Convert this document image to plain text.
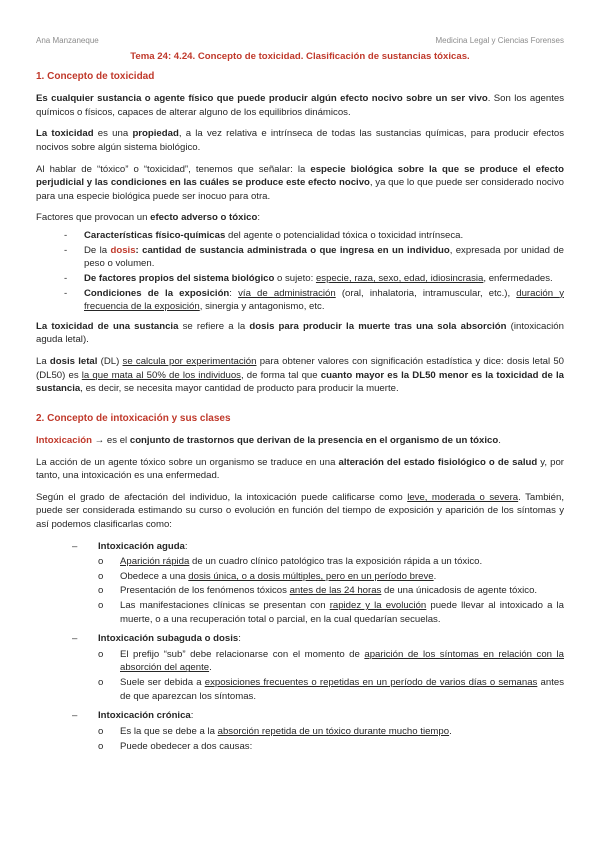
Ana Manzaneque	Medicina Legal y Ciencias Forenses
Tema 24: 4.24. Concepto de toxicidad. Clasificación de sustancias tóxicas.
1. Concepto de toxicidad

Es cualquier sustancia o agente físico que puede producir algún efecto nocivo sobre un ser vivo. Son los agentes químicos o físicos, capaces de alterar alguno de los equilibrios dinámicos.

La toxicidad es una propiedad, a la vez relativa e intrínseca de todas las sustancias químicas, para producir efectos nocivos sobre algún sistema biológico.

Al hablar de “tóxico” o “toxicidad”, tenemos que señalar: la especie biológica sobre la que se produce el efecto perjudicial y las condiciones en las cuáles se produce este efecto nocivo, ya que lo que puede ser considerado nocivo para una especie biológica puede ser inocuo para otra.

Factores que provocan un efecto adverso o tóxico:

- Características físico-químicas del agente o potencialidad tóxica o toxicidad intrínseca.
- De la dosis: cantidad de sustancia administrada o que ingresa en un individuo, expresada por unidad de peso o volumen.
- De factores propios del sistema biológico o sujeto: especie, raza, sexo, edad, idiosincrasia, enfermedades.
- Condiciones de la exposición: vía de administración (oral, inhalatoria, intramuscular, etc.), duración y frecuencia de la exposición, sinergia y antagonismo, etc.

La toxicidad de una sustancia se refiere a la dosis para producir la muerte tras una sola absorción (intoxicación aguda letal).

La dosis letal (DL) se calcula por experimentación para obtener valores con significación estadística y dice: dosis letal 50 (DL50) es la que mata al 50% de los individuos, de forma tal que cuanto mayor es la DL50 menor es la toxicidad de la sustancia, es decir, se necesita mayor cantidad de producto para producir la muerte.

2. Concepto de intoxicación y sus clases

Intoxicación → es el conjunto de trastornos que derivan de la presencia en el organismo de un tóxico.

La acción de un agente tóxico sobre un organismo se traduce en una alteración del estado fisiológico o de salud y, por tanto, una intoxicación es una enfermedad.

Según el grado de afectación del individuo, la intoxicación puede calificarse como leve, moderada o severa. También, puede ser considerada estimando su curso o evolución en función del tiempo de exposición y aparición de los síntomas y así podemos clasificarlas como:

– Intoxicación aguda:
o Aparición rápida de un cuadro clínico patológico tras la exposición rápida a un tóxico.
o Obedece a una dosis única, o a dosis múltiples, pero en un período breve.
o Presentación de los fenómenos tóxicos antes de las 24 horas de una únicadosis de agente tóxico.
o Las manifestaciones clínicas se presentan con rapidez y la evolución puede llevar al intoxicado a la muerte, o a una recuperación total o parcial, en la cual quedarían secuelas.
– Intoxicación subaguda o dosis:
o El prefijo “sub” debe relacionarse con el momento de aparición de los síntomas en relación con la absorción del agente.
o Suele ser debida a exposiciones frecuentes o repetidas en un período de varios días o semanas antes de que aparezcan los síntomas.
– Intoxicación crónica:
o Es la que se debe a la absorción repetida de un tóxico durante mucho tiempo.
o Puede obedecer a dos causas:
